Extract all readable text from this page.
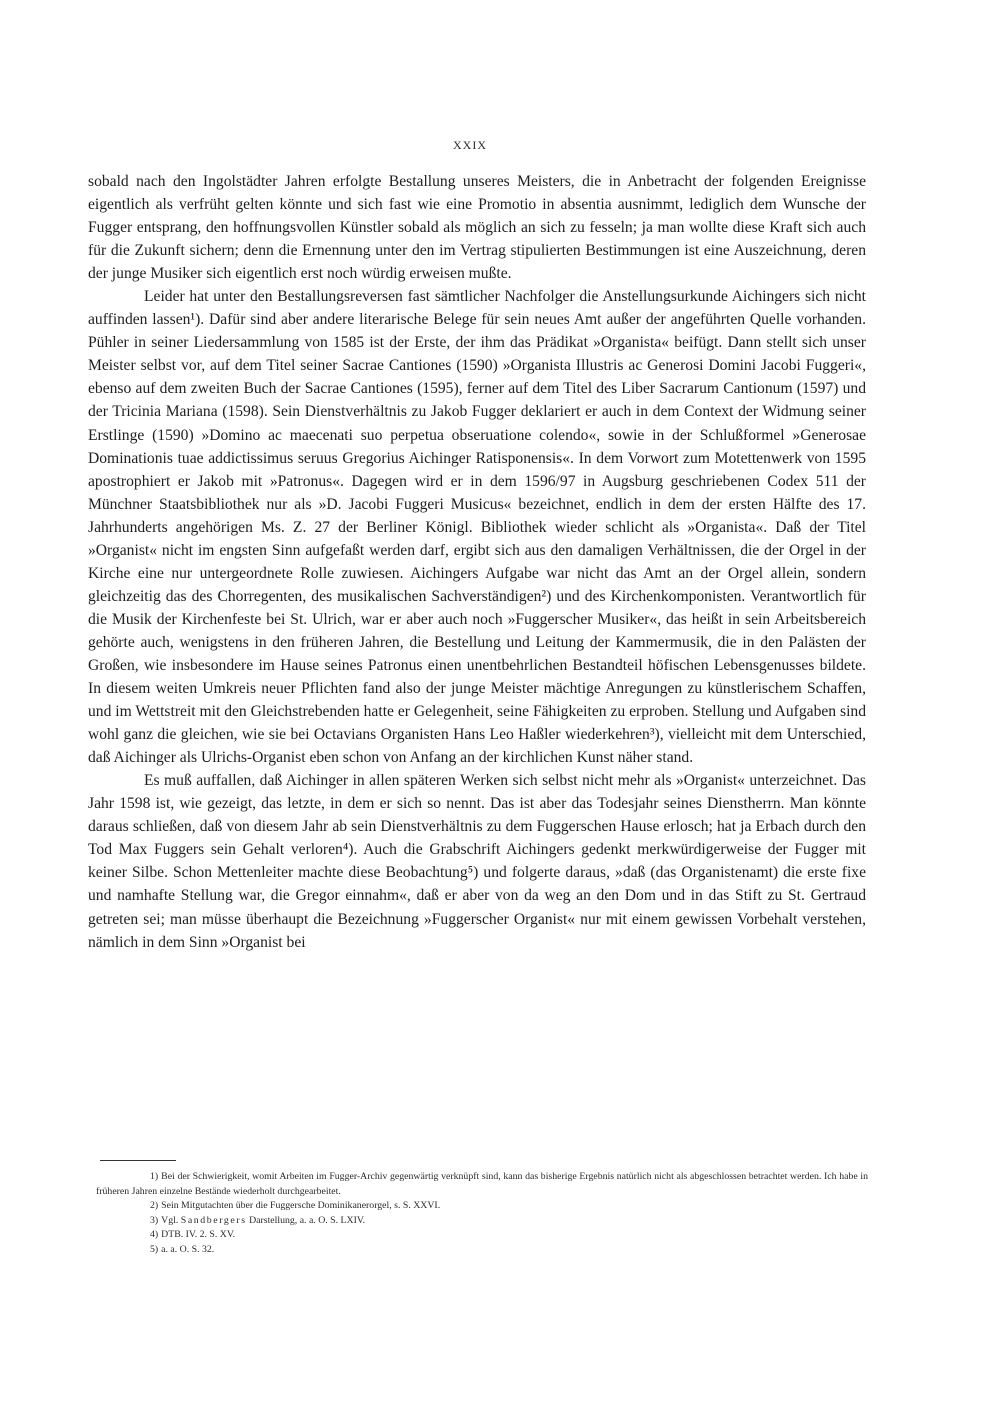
XXIX

sobald nach den Ingolstädter Jahren erfolgte Bestallung unseres Meisters, die in Anbetracht der folgenden Ereignisse eigentlich als verfrüht gelten könnte und sich fast wie eine Promotio in absentia ausnimmt, lediglich dem Wunsche der Fugger entsprang, den hoffnungsvollen Künstler sobald als möglich an sich zu fesseln; ja man wollte diese Kraft sich auch für die Zukunft sichern; denn die Ernennung unter den im Vertrag stipulierten Bestimmungen ist eine Auszeichnung, deren der junge Musiker sich eigentlich erst noch würdig erweisen mußte.

Leider hat unter den Bestallungsreversen fast sämtlicher Nachfolger die Anstellungsurkunde Aichingers sich nicht auffinden lassen¹). Dafür sind aber andere literarische Belege für sein neues Amt außer der angeführten Quelle vorhanden. Pühler in seiner Liedersammlung von 1585 ist der Erste, der ihm das Prädikat »Organista« beifügt. Dann stellt sich unser Meister selbst vor, auf dem Titel seiner Sacrae Cantiones (1590) »Organista Illustris ac Generosi Domini Jacobi Fuggeri«, ebenso auf dem zweiten Buch der Sacrae Cantiones (1595), ferner auf dem Titel des Liber Sacrarum Cantionum (1597) und der Tricinia Mariana (1598). Sein Dienstverhältnis zu Jakob Fugger deklariert er auch in dem Context der Widmung seiner Erstlinge (1590) »Domino ac maecenati suo perpetua obseruatione colendo«, sowie in der Schlußformel »Generosae Dominationis tuae addictissimus seruus Gregorius Aichinger Ratisponensis«. In dem Vorwort zum Motettenwerk von 1595 apostrophiert er Jakob mit »Patronus«. Dagegen wird er in dem 1596/97 in Augsburg geschriebenen Codex 511 der Münchner Staatsbibliothek nur als »D. Jacobi Fuggeri Musicus« bezeichnet, endlich in dem der ersten Hälfte des 17. Jahrhunderts angehörigen Ms. Z. 27 der Berliner Königl. Bibliothek wieder schlicht als »Organista«. Daß der Titel »Organist« nicht im engsten Sinn aufgefaßt werden darf, ergibt sich aus den damaligen Verhältnissen, die der Orgel in der Kirche eine nur untergeordnete Rolle zuwiesen. Aichingers Aufgabe war nicht das Amt an der Orgel allein, sondern gleichzeitig das des Chorregenten, des musikalischen Sachverständigen²) und des Kirchenkomponisten. Verantwortlich für die Musik der Kirchenfeste bei St. Ulrich, war er aber auch noch »Fuggerscher Musiker«, das heißt in sein Arbeitsbereich gehörte auch, wenigstens in den früheren Jahren, die Bestellung und Leitung der Kammermusik, die in den Palästen der Großen, wie insbesondere im Hause seines Patronus einen unentbehrlichen Bestandteil höfischen Lebensgenusses bildete. In diesem weiten Umkreis neuer Pflichten fand also der junge Meister mächtige Anregungen zu künstlerischem Schaffen, und im Wettstreit mit den Gleichstrebenden hatte er Gelegenheit, seine Fähigkeiten zu erproben. Stellung und Aufgaben sind wohl ganz die gleichen, wie sie bei Octavians Organisten Hans Leo Haßler wiederkehren³), vielleicht mit dem Unterschied, daß Aichinger als Ulrichs-Organist eben schon von Anfang an der kirchlichen Kunst näher stand.

Es muß auffallen, daß Aichinger in allen späteren Werken sich selbst nicht mehr als »Organist« unterzeichnet. Das Jahr 1598 ist, wie gezeigt, das letzte, in dem er sich so nennt. Das ist aber das Todesjahr seines Dienstherrn. Man könnte daraus schließen, daß von diesem Jahr ab sein Dienstverhältnis zu dem Fuggerschen Hause erlosch; hat ja Erbach durch den Tod Max Fuggers sein Gehalt verloren⁴). Auch die Grabschrift Aichingers gedenkt merkwürdigerweise der Fugger mit keiner Silbe. Schon Mettenleiter machte diese Beobachtung⁵) und folgerte daraus, »daß (das Organistenamt) die erste fixe und namhafte Stellung war, die Gregor einnahm«, daß er aber von da weg an den Dom und in das Stift zu St. Gertraud getreten sei; man müsse überhaupt die Bezeichnung »Fuggerscher Organist« nur mit einem gewissen Vorbehalt verstehen, nämlich in dem Sinn »Organist bei

1) Bei der Schwierigkeit, womit Arbeiten im Fugger-Archiv gegenwärtig verknüpft sind, kann das bisherige Ergebnis natürlich nicht als abgeschlossen betrachtet werden. Ich habe in früheren Jahren einzelne Bestände wiederholt durchgearbeitet.
2) Sein Mitgutachten über die Fuggersche Dominikanerorgel, s. S. XXVI.
3) Vgl. Sandbergers Darstellung, a. a. O. S. LXIV.
4) DTB. IV. 2. S. XV.
5) a. a. O. S. 32.
